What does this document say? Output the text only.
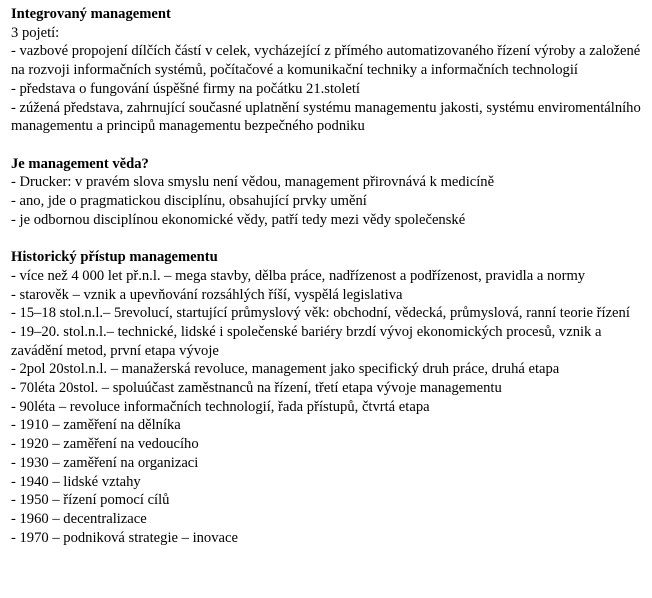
Integrovaný management

3 pojetí:

- vazbové propojení dílčích částí v celek, vycházející z přímého automatizovaného řízení výroby a založené na rozvoji informačních systémů, počítačové a komunikační techniky a informačních technologií

- představa o fungování úspěšné firmy na počátku 21.století

- zúžená představa, zahrnující současné uplatnění systému managementu jakosti, systému enviromentálního managementu a principů managementu bezpečného podniku

Je management věda?

- Drucker: v pravém slova smyslu není vědou, management přirovnává k medicíně

- ano, jde o pragmatickou disciplínu, obsahující prvky umění

- je odbornou disciplínou ekonomické vědy, patří tedy mezi vědy společenské

Historický přístup managementu

- více než 4 000 let př.n.l. – mega stavby, dělba práce, nadřízenost a podřízenost, pravidla a normy

- starověk – vznik a upevňování rozsáhlých říší, vyspělá legislativa

- 15–18 stol.n.l.– 5revolucí, startující průmyslový věk: obchodní, vědecká, průmyslová, ranní teorie řízení

- 19–20. stol.n.l.– technické, lidské i společenské bariéry brzdí vývoj ekonomických procesů, vznik a zavádění metod, první etapa vývoje

- 2pol 20stol.n.l. – manažerská revoluce, management jako specifický druh práce, druhá etapa

- 70léta 20stol. – spoluúčast zaměstnanců na řízení, třetí etapa vývoje managementu

- 90léta – revoluce informačních technologií, řada přístupů, čtvrtá etapa

- 1910 – zaměření na dělníka

- 1920 – zaměření na vedoucího

- 1930 – zaměření na organizaci

- 1940 – lidské vztahy

- 1950 – řízení pomocí cílů

- 1960 – decentralizace

- 1970 – podniková strategie – inovace
